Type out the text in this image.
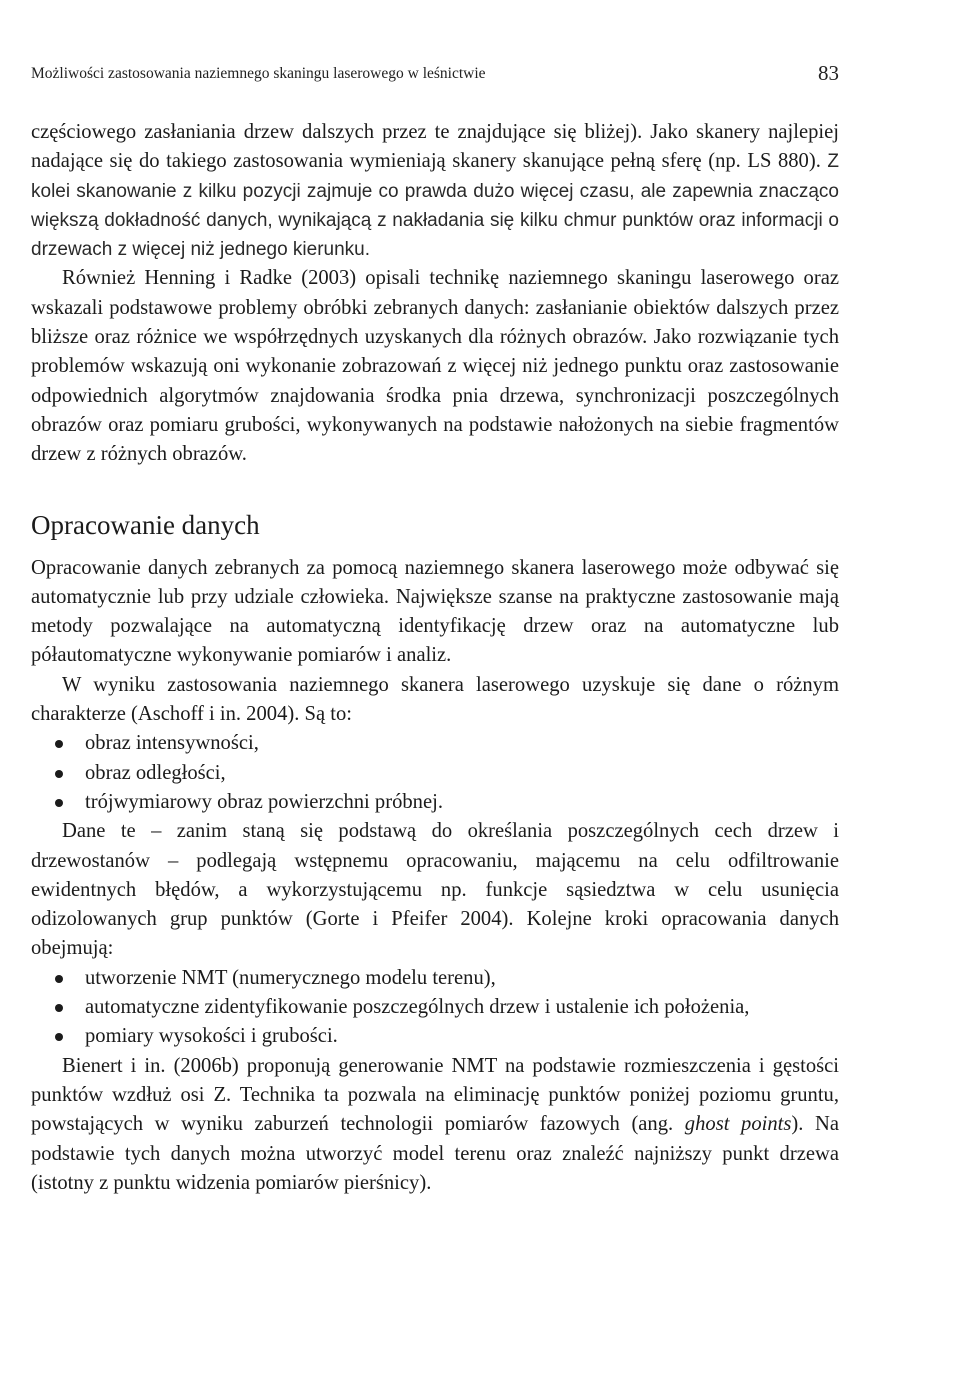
Możliwości zastosowania naziemnego skaningu laserowego w leśnictwie	83

częściowego zasłaniania drzew dalszych przez te znajdujące się bliżej). Jako skanery najlepiej nadające się do takiego zastosowania wymieniają skanery skanujące pełną sferę (np. LS 880). Z kolei skanowanie z kilku pozycji zajmuje co prawda dużo więcej czasu, ale zapewnia znacząco większą dokładność danych, wynikającą z nakładania się kilku chmur punktów oraz informacji o drzewach z więcej niż jednego kierunku.

Również Henning i Radke (2003) opisali technikę naziemnego skaningu laserowego oraz wskazali podstawowe problemy obróbki zebranych danych: zasłanianie obiektów dalszych przez bliższe oraz różnice we współrzędnych uzyskanych dla różnych obrazów. Jako rozwiązanie tych problemów wskazują oni wykonanie zobrazowań z więcej niż jednego punktu oraz zastosowanie odpowiednich algorytmów znajdowania środka pnia drzewa, synchronizacji poszczególnych obrazów oraz pomiaru grubości, wykonywanych na podstawie nałożonych na siebie fragmentów drzew z różnych obrazów.

Opracowanie danych

Opracowanie danych zebranych za pomocą naziemnego skanera laserowego może odbywać się automatycznie lub przy udziale człowieka. Największe szanse na praktyczne zastosowanie mają metody pozwalające na automatyczną identyfikację drzew oraz na automatyczne lub półautomatyczne wykonywanie pomiarów i analiz.

W wyniku zastosowania naziemnego skanera laserowego uzyskuje się dane o różnym charakterze (Aschoff i in. 2004). Są to:

obraz intensywności,
obraz odległości,
trójwymiarowy obraz powierzchni próbnej.

Dane te – zanim staną się podstawą do określania poszczególnych cech drzew i drzewostanów – podlegają wstępnemu opracowaniu, mającemu na celu odfiltrowanie ewidentnych błędów, a wykorzystującemu np. funkcje sąsiedztwa w celu usunięcia odizolowanych grup punktów (Gorte i Pfeifer 2004). Kolejne kroki opracowania danych obejmują:

utworzenie NMT (numerycznego modelu terenu),
automatyczne zidentyfikowanie poszczególnych drzew i ustalenie ich położenia,
pomiary wysokości i grubości.

Bienert i in. (2006b) proponują generowanie NMT na podstawie rozmieszczenia i gęstości punktów wzdłuż osi Z. Technika ta pozwala na eliminację punktów poniżej poziomu gruntu, powstających w wyniku zaburzeń technologii pomiarów fazowych (ang. ghost points). Na podstawie tych danych można utworzyć model terenu oraz znaleźć najniższy punkt drzewa (istotny z punktu widzenia pomiarów pierśnicy).
